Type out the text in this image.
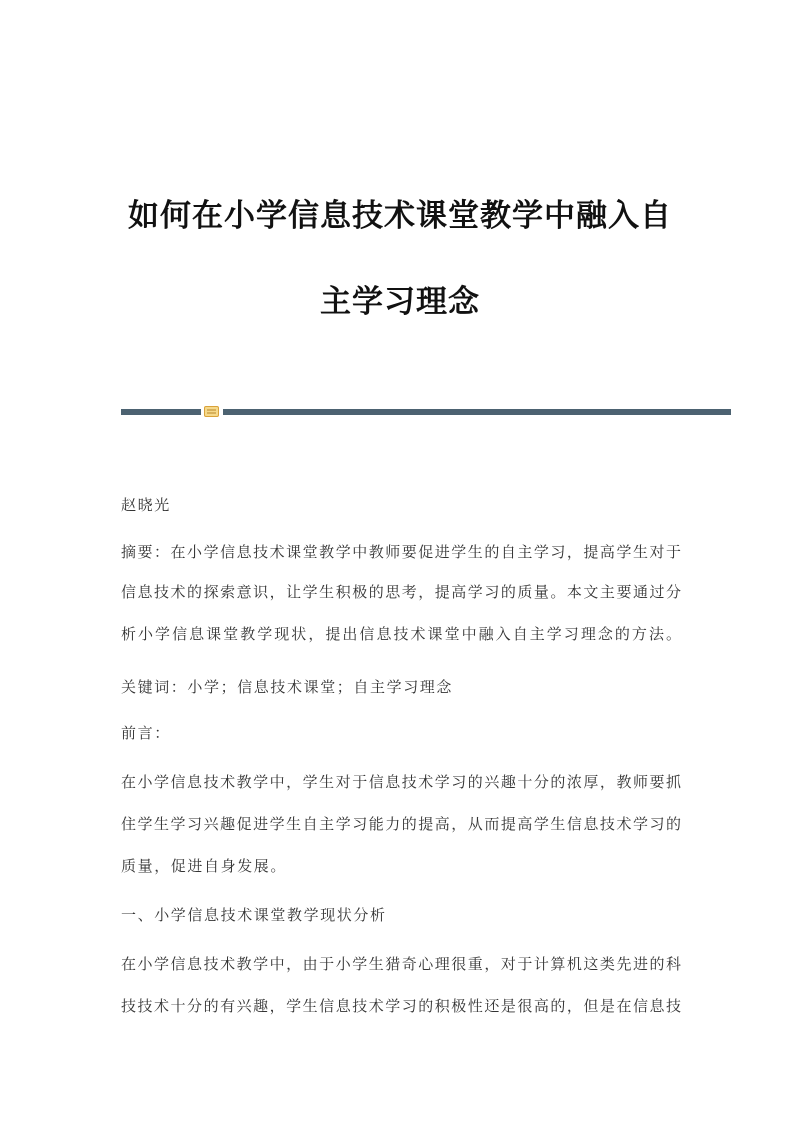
如何在小学信息技术课堂教学中融入自
主学习理念
赵晓光
摘要：在小学信息技术课堂教学中教师要促进学生的自主学习，提高学生对于
信息技术的探索意识，让学生积极的思考，提高学习的质量。本文主要通过分
析小学信息课堂教学现状，提出信息技术课堂中融入自主学习理念的方法。
关键词：小学；信息技术课堂；自主学习理念
前言：
在小学信息技术教学中，学生对于信息技术学习的兴趣十分的浓厚，教师要抓
住学生学习兴趣促进学生自主学习能力的提高，从而提高学生信息技术学习的
质量，促进自身发展。
一、小学信息技术课堂教学现状分析
在小学信息技术教学中，由于小学生猎奇心理很重，对于计算机这类先进的科
技技术十分的有兴趣，学生信息技术学习的积极性还是很高的，但是在信息技
